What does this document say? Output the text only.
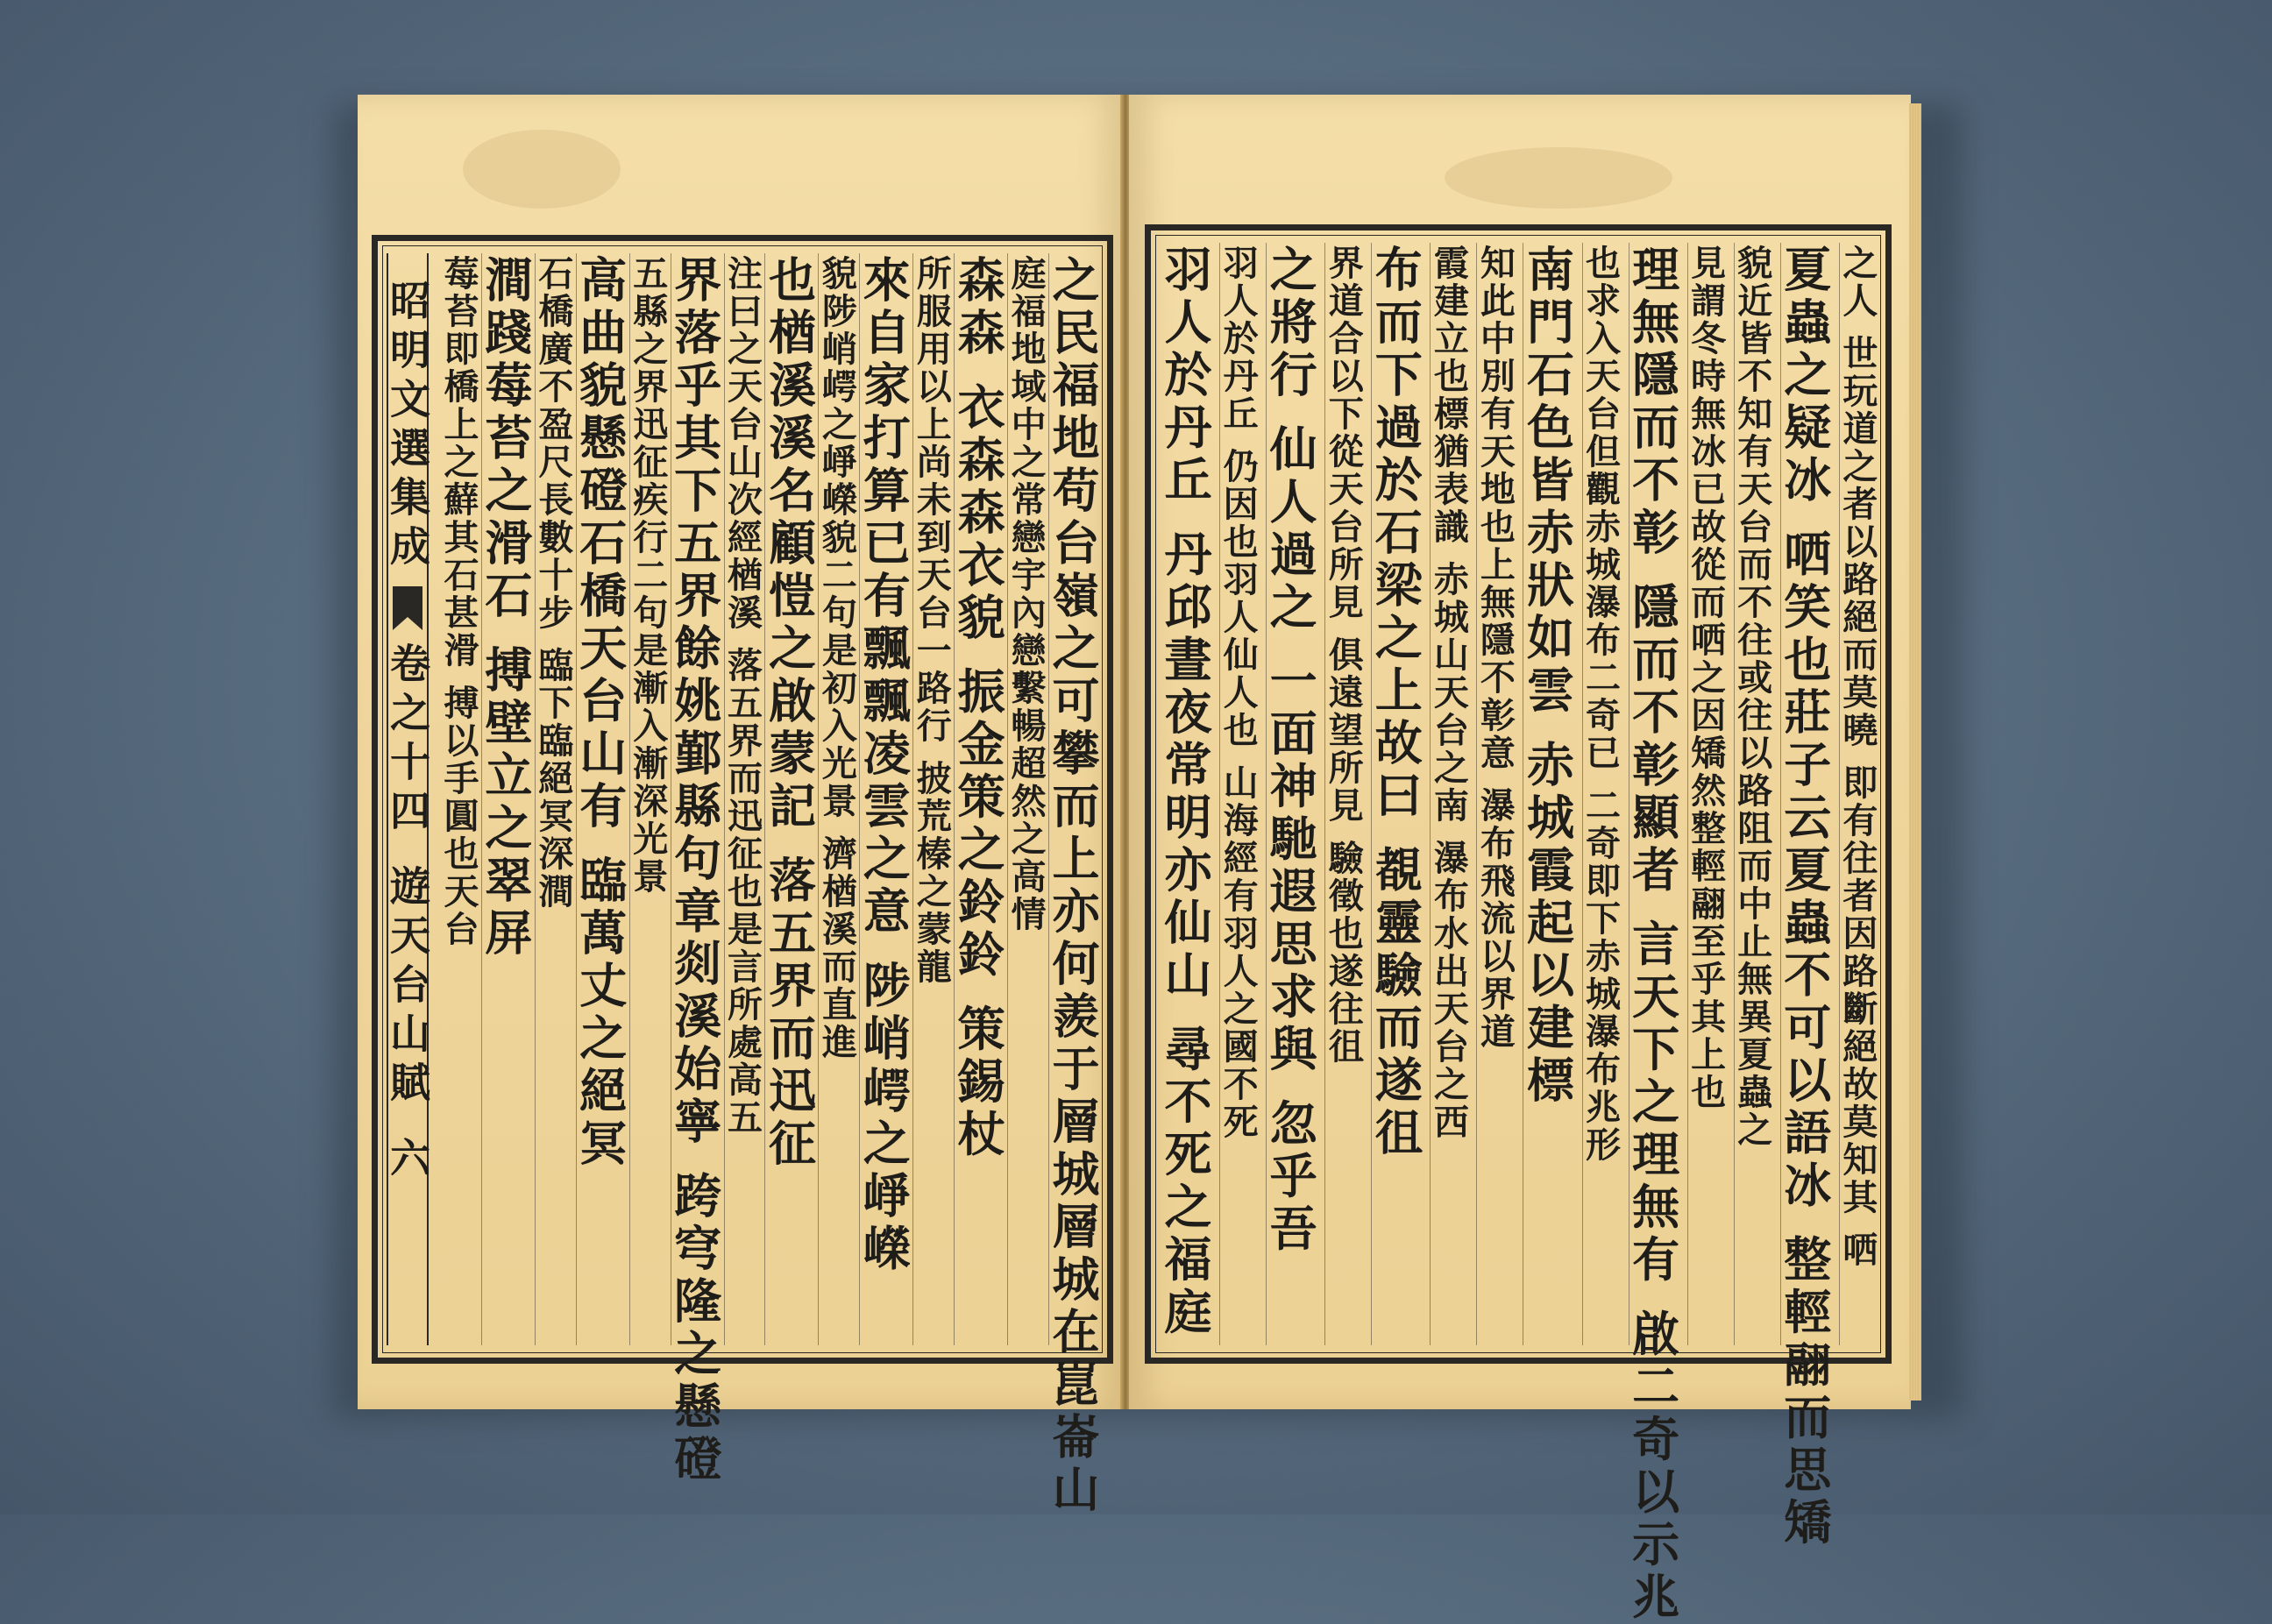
之民福地苟台嶺之可攀而上亦何羨于層城層城在崑崙山
庭福地域中之常戀宇內戀繫暢超然之高情
森森 衣森森衣貌 振金策之鈴鈴 策錫杖
所服用以上尚未到天台一路行 披荒榛之蒙龍
來自家打算已有飄飄凌雲之意 陟峭崿之崢嶸
貌陟峭崿之崢嶸貌二句是初入光景 濟楢溪而直進
也楢溪溪名顧愷之啟蒙記 落五界而迅征
注曰之天台山次經楢溪 落五界而迅征也是言所處高五
界落乎其下五界餘姚鄞縣句章剡溪始寧 跨穹隆之懸磴
五縣之界迅征疾行二句是漸入漸深光景
高曲貌懸磴石橋天台山有 臨萬丈之絕冥
石橋廣不盈尺長數十步 臨下臨絕冥深澗
澗踐莓苔之滑石 搏壁立之翠屏
莓苔即橋上之蘚其石甚滑 搏以手圓也天台
昭明文選集成
卷之十四
遊天台山賦
六	之人 世玩道之者以路絕而莫曉 即有往者因路斷絕故莫知其 哂
夏蟲之疑冰 哂笑也莊子云夏蟲不可以語冰 整輕翮而思矯
貌近皆不知有天台而不往或往以路阻而中止無異夏蟲之
見謂冬時無冰已故從而哂之因矯然整輕翮至乎其上也
理無隱而不彰 隱而不彰顯者 言天下之理無有 啟二奇以示兆
也求入天台但觀赤城瀑布二奇已 二奇即下赤城瀑布兆形
南門石色皆赤狀如雲 赤城霞起以建標
知此中別有天地也上無隱不彰意 瀑布飛流以界道
霞建立也標猶表識 赤城山天台之南 瀑布水出天台之西
布而下過於石梁之上故曰 覩靈驗而遂徂
界道合以下從天台所見 俱遠望所見 驗徵也遂往徂
之將行 仙人過之 一面神馳遐思求與 忽乎吾
羽人於丹丘 仍因也羽人仙人也 山海經有羽人之國不死
羽人於丹丘 丹邱晝夜常明亦仙山 尋不死之福庭
